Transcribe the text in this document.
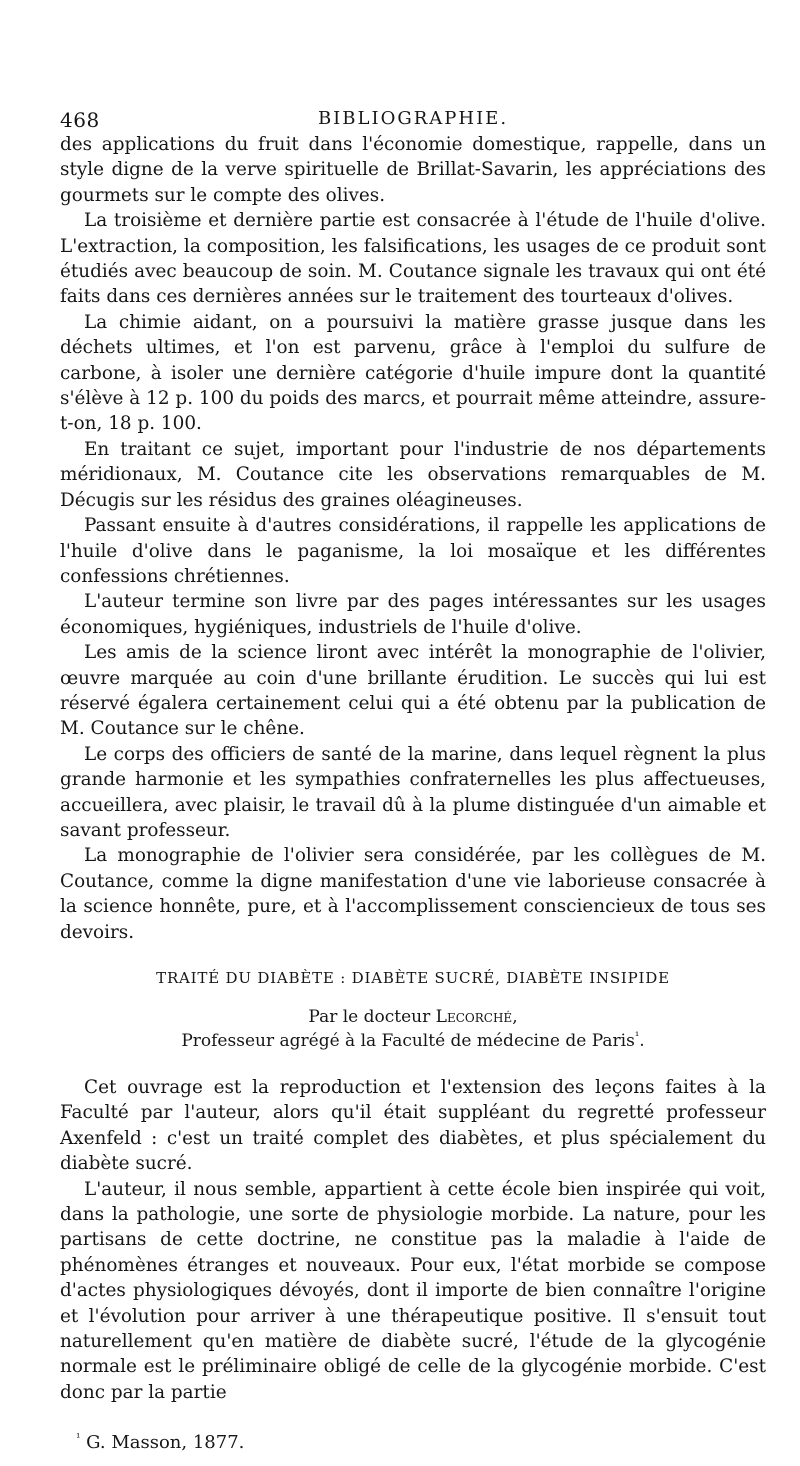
468	BIBLIOGRAPHIE.

des applications du fruit dans l'économie domestique, rappelle, dans un style digne de la verve spirituelle de Brillat-Savarin, les appréciations des gourmets sur le compte des olives.

La troisième et dernière partie est consacrée à l'étude de l'huile d'olive. L'extraction, la composition, les falsifications, les usages de ce produit sont étudiés avec beaucoup de soin. M. Coutance signale les travaux qui ont été faits dans ces dernières années sur le traitement des tourteaux d'olives.

La chimie aidant, on a poursuivi la matière grasse jusque dans les déchets ultimes, et l'on est parvenu, grâce à l'emploi du sulfure de carbone, à isoler une dernière catégorie d'huile impure dont la quantité s'élève à 12 p. 100 du poids des marcs, et pourrait même atteindre, assure-t-on, 18 p. 100.

En traitant ce sujet, important pour l'industrie de nos départements méridionaux, M. Coutance cite les observations remarquables de M. Décugis sur les résidus des graines oléagineuses.

Passant ensuite à d'autres considérations, il rappelle les applications de l'huile d'olive dans le paganisme, la loi mosaïque et les différentes confessions chrétiennes.

L'auteur termine son livre par des pages intéressantes sur les usages économiques, hygiéniques, industriels de l'huile d'olive.

Les amis de la science liront avec intérêt la monographie de l'olivier, œuvre marquée au coin d'une brillante érudition. Le succès qui lui est réservé égalera certainement celui qui a été obtenu par la publication de M. Coutance sur le chêne.

Le corps des officiers de santé de la marine, dans lequel règnent la plus grande harmonie et les sympathies confraternelles les plus affectueuses, accueillera, avec plaisir, le travail dû à la plume distinguée d'un aimable et savant professeur.

La monographie de l'olivier sera considérée, par les collègues de M. Coutance, comme la digne manifestation d'une vie laborieuse consacrée à la science honnête, pure, et à l'accomplissement consciencieux de tous ses devoirs.

TRAITÉ DU DIABÈTE : DIABÈTE SUCRÉ, DIABÈTE INSIPIDE
Par le docteur Lecorché,
Professeur agrégé à la Faculté de médecine de Paris$^{^1}$.

Cet ouvrage est la reproduction et l'extension des leçons faites à la Faculté par l'auteur, alors qu'il était suppléant du regretté professeur Axenfeld : c'est un traité complet des diabètes, et plus spécialement du diabète sucré.

L'auteur, il nous semble, appartient à cette école bien inspirée qui voit, dans la pathologie, une sorte de physiologie morbide. La nature, pour les partisans de cette doctrine, ne constitue pas la maladie à l'aide de phénomènes étranges et nouveaux. Pour eux, l'état morbide se compose d'actes physiologiques dévoyés, dont il importe de bien connaître l'origine et l'évolution pour arriver à une thérapeutique positive. Il s'ensuit tout naturellement qu'en matière de diabète sucré, l'étude de la glycogénie normale est le préliminaire obligé de celle de la glycogénie morbide. C'est donc par la partie

$^{^1}$ G. Masson, 1877.
